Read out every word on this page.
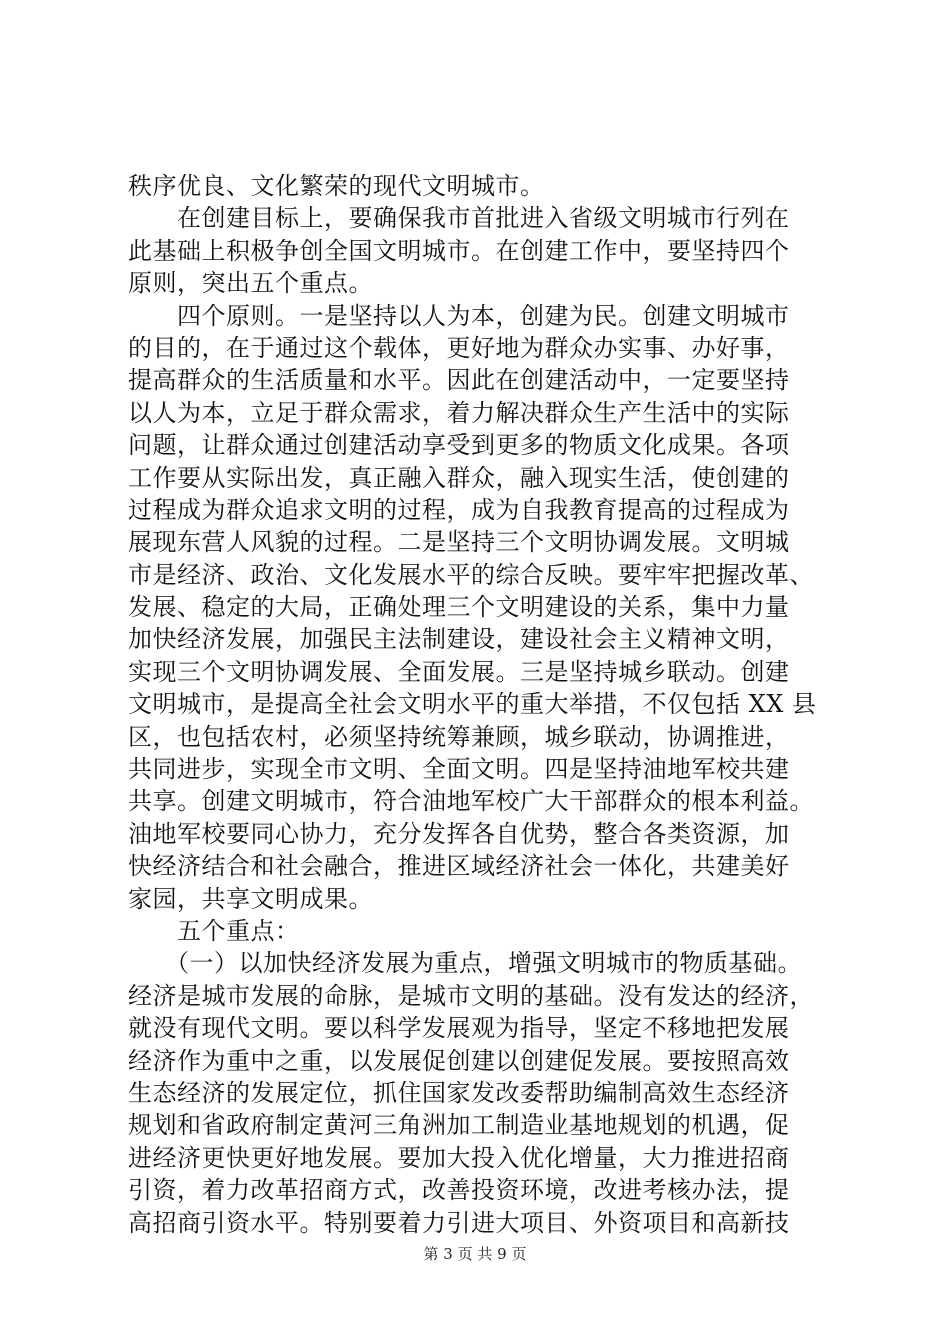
秩序优良、文化繁荣的现代文明城市。
　　在创建目标上，要确保我市首批进入省级文明城市行列在
此基础上积极争创全国文明城市。在创建工作中，要坚持四个
原则，突出五个重点。
　　四个原则。一是坚持以人为本，创建为民。创建文明城市
的目的，在于通过这个载体，更好地为群众办实事、办好事，
提高群众的生活质量和水平。因此在创建活动中，一定要坚持
以人为本，立足于群众需求，着力解决群众生产生活中的实际
问题，让群众通过创建活动享受到更多的物质文化成果。各项
工作要从实际出发，真正融入群众，融入现实生活，使创建的
过程成为群众追求文明的过程，成为自我教育提高的过程成为
展现东营人风貌的过程。二是坚持三个文明协调发展。文明城
市是经济、政治、文化发展水平的综合反映。要牢牢把握改革、
发展、稳定的大局，正确处理三个文明建设的关系，集中力量
加快经济发展，加强民主法制建设，建设社会主义精神文明，
实现三个文明协调发展、全面发展。三是坚持城乡联动。创建
文明城市，是提高全社会文明水平的重大举措，不仅包括 XX 县
区，也包括农村，必须坚持统筹兼顾，城乡联动，协调推进，
共同进步，实现全市文明、全面文明。四是坚持油地军校共建
共享。创建文明城市，符合油地军校广大干部群众的根本利益。
油地军校要同心协力，充分发挥各自优势，整合各类资源，加
快经济结合和社会融合，推进区域经济社会一体化，共建美好
家园，共享文明成果。
　　五个重点：
　　（一）以加快经济发展为重点，增强文明城市的物质基础。
经济是城市发展的命脉，是城市文明的基础。没有发达的经济，
就没有现代文明。要以科学发展观为指导，坚定不移地把发展
经济作为重中之重，以发展促创建以创建促发展。要按照高效
生态经济的发展定位，抓住国家发改委帮助编制高效生态经济
规划和省政府制定黄河三角洲加工制造业基地规划的机遇，促
进经济更快更好地发展。要加大投入优化增量，大力推进招商
引资，着力改革招商方式，改善投资环境，改进考核办法，提
高招商引资水平。特别要着力引进大项目、外资项目和高新技
第 3 页 共 9 页
